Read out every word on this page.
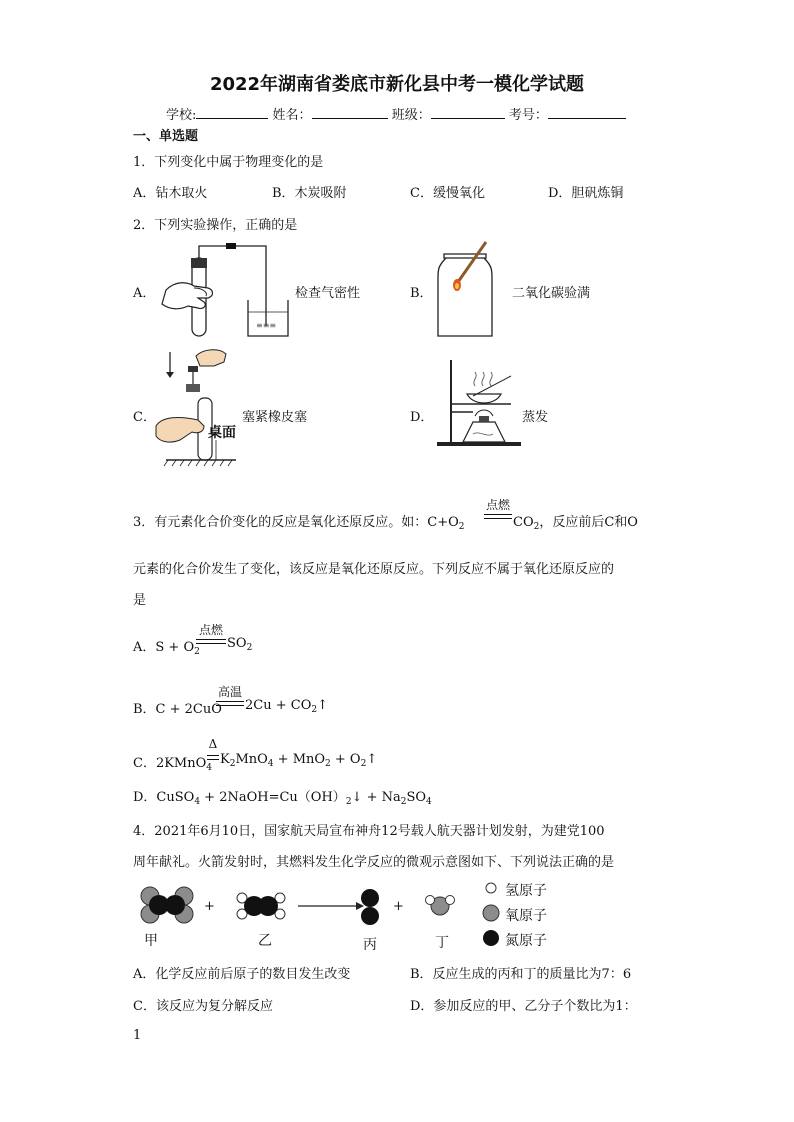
2022年湖南省娄底市新化县中考一模化学试题
学校:	姓名：	班级：	考号：
一、单选题
1．下列变化中属于物理变化的是
A．钻木取火	B．木炭吸附	C．缓慢氧化	D．胆矾炼铜
2．下列实验操作，正确的是
A．
≡≡≡
检查气密性	B．	二氧化碳验满
C．
桌面
塞紧橡皮塞	D．	蒸发
3．有元素化合价变化的反应是氧化还原反应。如：$C+O_2$
点燃
$CO_2$，反应前后C和O
元素的化合价发生了变化，该反应是氧化还原反应。下列反应不属于氧化还原反应的
是
A．$S + O_2$
点燃
$SO_2$
B．C + 2CuO
高温
$2Cu + CO_2↑$
C．2KMnO$_4$
Δ
$K_2MnO_4 + MnO_2$ + $O_2↑$
D．CuSO$_4$ + $2NaOH=Cu(OH)_2↓ + Na_2SO_4$
4．2021年6月10日，国家航天局宣布神舟12号载人航天器计划发射，为建党100
周年献礼。火箭发射时，其燃料发生化学反应的微观示意图如下、下列说法正确的是
+	+
甲	乙	丙	丁
氢原子
氧原子
氮原子
A．化学反应前后原子的数目发生改变	B．反应生成的丙和丁的质量比为7：6
C．该反应为复分解反应	D．参加反应的甲、乙分子个数比为1：
1
